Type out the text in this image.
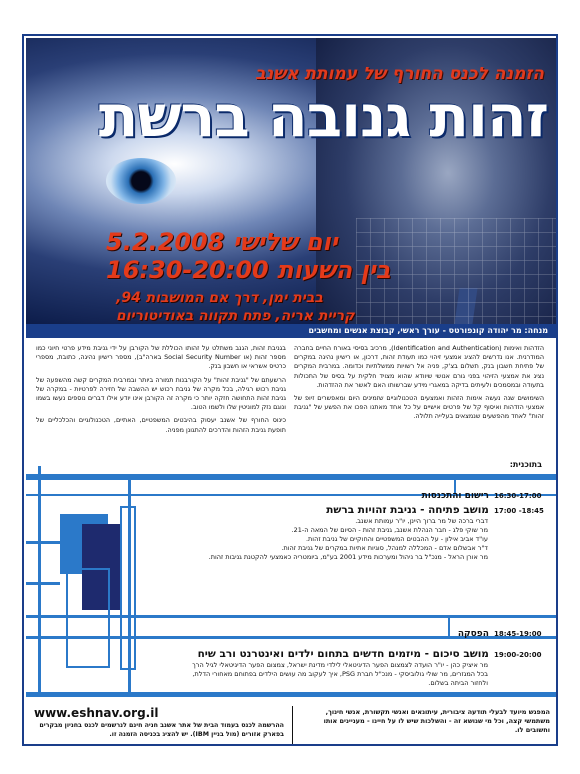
הזמנה לכנס החורף של עמותת אשנב
זהות גנובה ברשת
יום שלישי 5.2.2008
בין השעות 16:30-20:00
בבית ימן, דרך אם המושבות 94,
קריית אריה, פתח תקווה באודיטוריום
מנחה: מר יהודה קונפורטס - עורך ראשי, קבוצת אנשים ומחשבים

הזדהות ואימות (Identification and Authentication), מרכיב בסיסי באורח החיים בחברה המודרנית. אנו נדרשים להציג אמצעי זיהוי כמו תעודת זהות, דרכון, או רישיון נהיגה במקרים של פתיחת חשבון בנק, תשלום בצ'ק, פניה אל רשויות ממשלתיות וכדומה. במרבית המקרים נציג את אמצעי הזיהוי בפני גורם אנושי שיוודא שהוא מצויד חלקית על בסיס של התכולות בתעודה ובמסמכים ולעיתים בדיקה במאגרי מידע שברשותו האם לאשר את ההזדהות.

השימושים שנה נעשה אימות הזהות ואמצעים הטכנולוגיים שזמינים היום ומאפשרים זיופ של אמצעי הזדהות ואיסוף קל של פרטים אישיים על כל אחד מאתנו הפכו את הפשע של "גניבת זהות" לאחד מהפשעים שנמצאים בעלייה תלולה.

בגניבת זהות, הגנב משתלט על זהותו הכוללת של הקורבן על ידי גניבת מידע פרטי חיוני כמו מספר זהות (או Social Security Number בארה"ב), מספר רישיון נהיגה, כתובת, מספרי כרטיס אשראי או חשבון בנק.

הרשעתם של "גניבת זהות" על הקורבנות תמורה ביותר ובמרבית המקרים קשה מהשפעה של גניבת רכוש רגילה, בכל מקרה של גניבת רכוש יש ההשבה של חזירה לפרטיות - במקרה של גניבת זהות התחושה חזקה יותר כי מקרה זה הקורבן אינו יודע אילו דברים נוספים נעשו בשמו ונוגם נזק למוניטין שלו ולשמו הטוב.

כינוס החורף של אשנב יעסוק בהיבטים המשפטיים, האתיים, הטכנולוגיים והכלכליים של תופעת גניבת הזהות והדרכים להתגונן מפניה.

בתוכנית:
16:30-17:00 רישום והתכנסות
17:00 -18:45 מושב פתיחה - גניבת זהויות ברשת
דברי ברכה של מר ברוך היינן, יו"ר עמותת אשנב.
מר שוקי פלג - חבר הנהלת אשנב, גניבת זהות - הסיום של המאה ה-21.
עו"ד אביב אילון - על ההבטים המשפטיים והחוקיים של גניבת זהות.
ד"ר אבשלום אדם - המכללה למנהל, סוגיות אתיות במקרים של גניבת זהות.
מר אורן הראל - מנכ"ל בר ניהול ומערכות מידע 2001 בע"מ, ביומטריה כאמצעי להקטנת גניבות זהות.
18:45-19:00 הפסקה
19:00-20:00 מושב סיכום - מיזמים חדשים בתחום ילדים ואינטרנט ורב שיח
מר איציק כהן - יו"ר הועדה לצמצום הפער הדיגיטאלי לילדי מדינת ישראל, צמצום הפער הדיגיטאלי לגיל הרך
בכל המגזרים, מר שולי גולוביסקי - מנכ"ל חברת PSG, איך לעקוב מה עושים הילדים בפתוחם מאחורי הדלת,
ולחזור הביתה בשלום.
www.eshnav.org.il
ההרשמה לכנס בעמוד הבית של אתר אשנב חניה חינם לנרשמים לכנס בחניון מבקרים בפארק אזורים (מול בניין IBM). יש להציג בכניסה הזמנה זו.
המפגש מיועד לבעלי תודעה ציבורית, עיתונאים ואנשי תקשורת, אנשי חינוך, משתמשי קצה, וכל מי שנושא זה - והשלכות שיש לו על חיינו - מעניינים אותו וחשובים לו.
